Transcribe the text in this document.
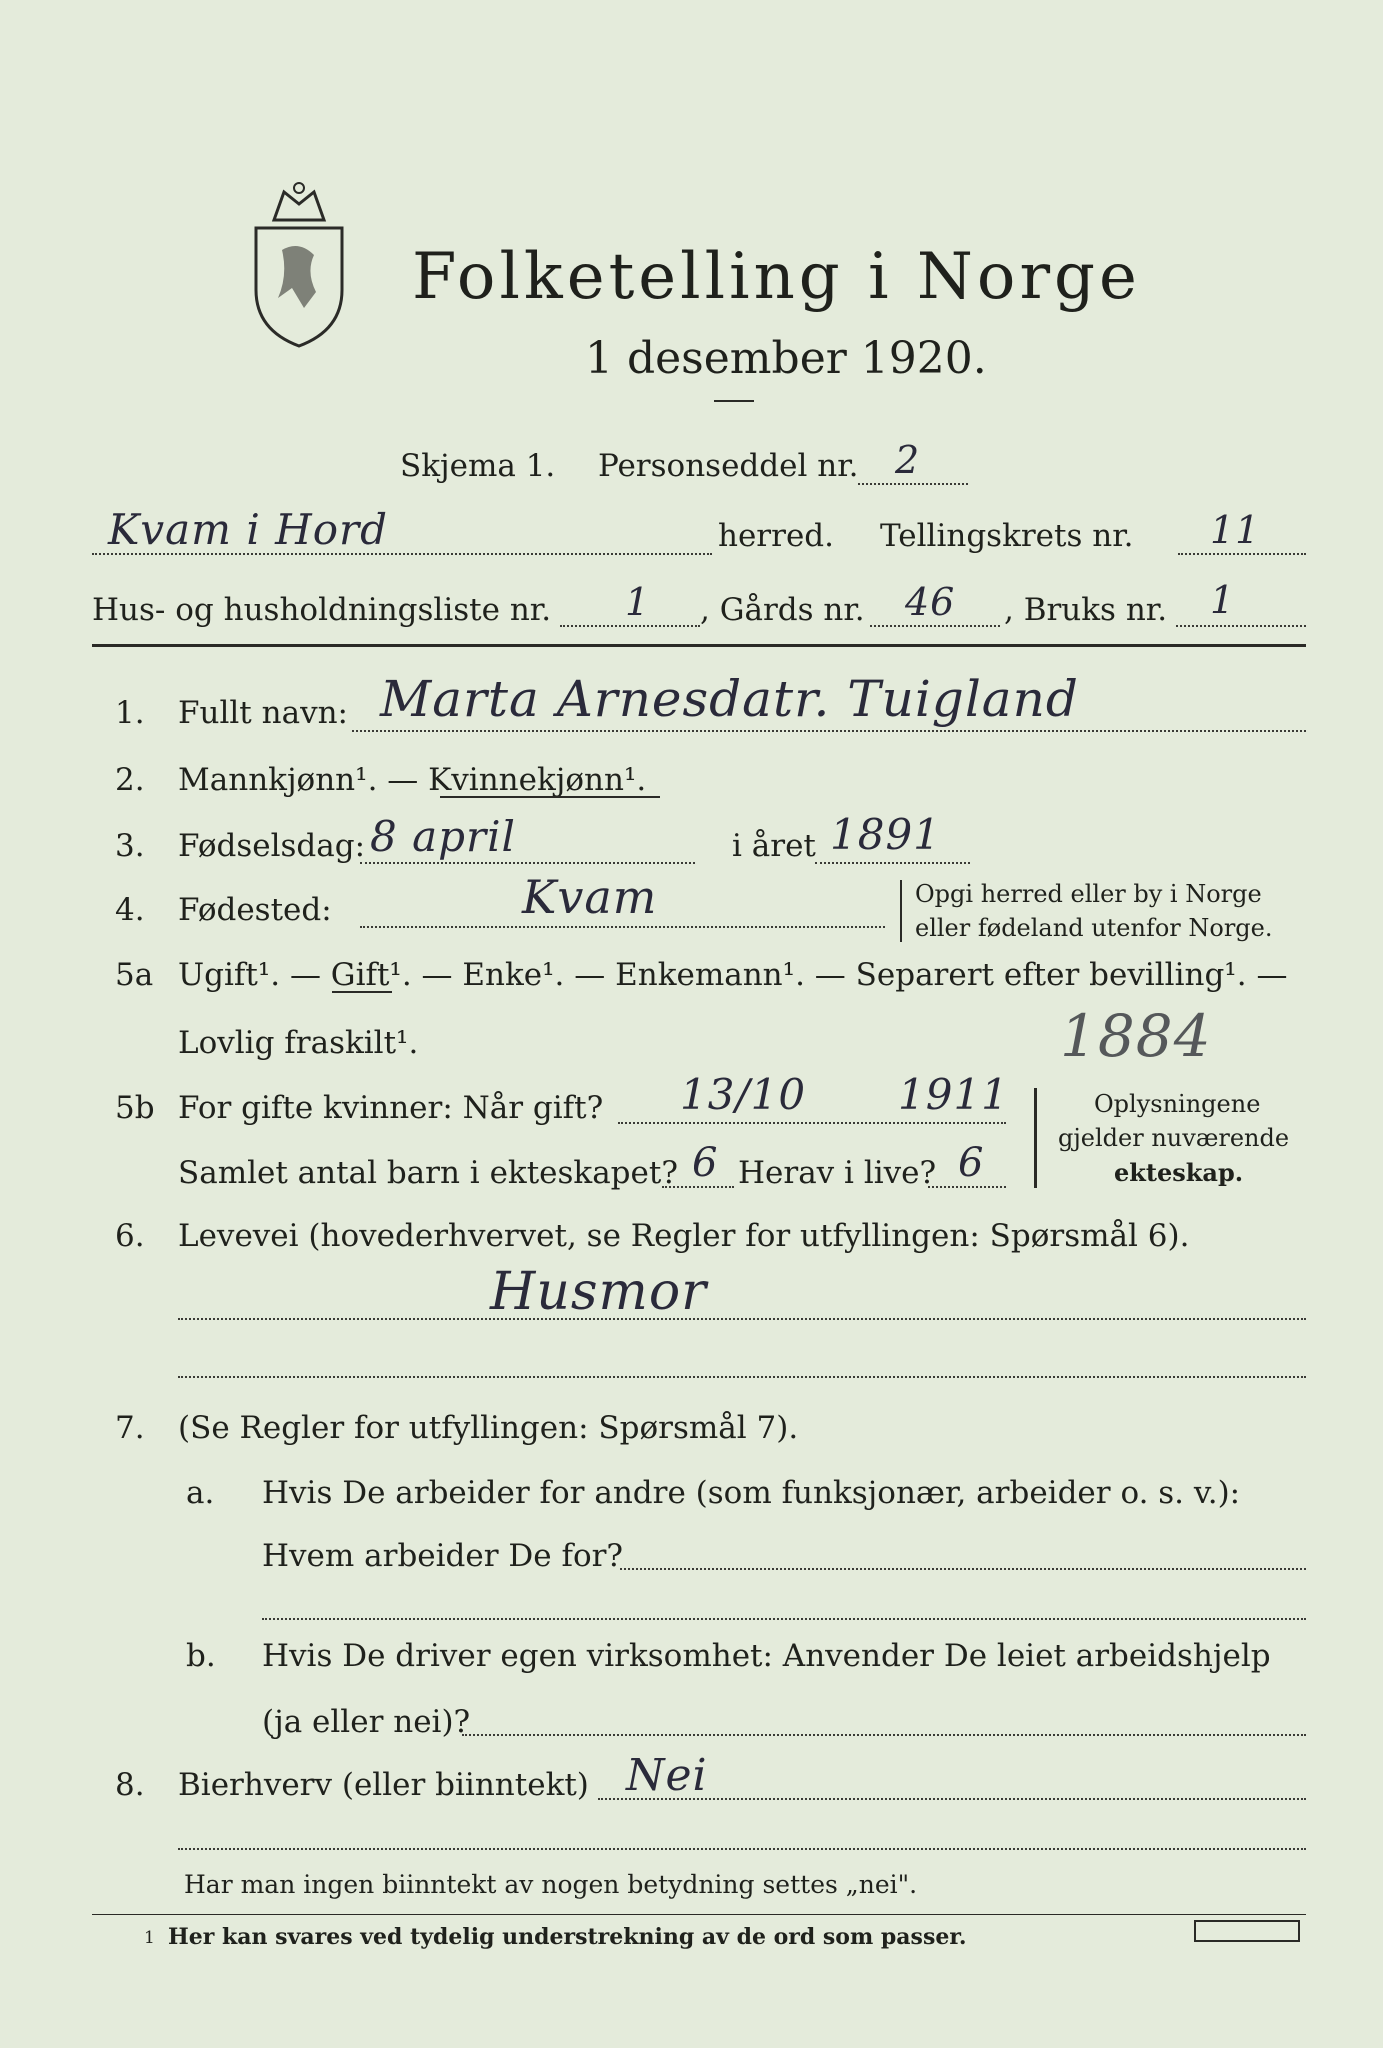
Folketelling i Norge
1 desember 1920.
Skjema 1. Personseddel nr. 2
Kvam i Hord	herred. Tellingskrets nr. 11
Hus- og husholdningsliste nr. 1 , Gårds nr. 46 , Bruks nr. 1
1. Fullt navn: Marta Arnesdatr. Tuigland
2. Mannkjønn¹. — Kvinnekjønn¹.
3. Fødselsdag: 8 april	i året 1891
4. Fødested:	Kvam	Opgi herred eller by i Norge
eller fødeland utenfor Norge.
5a Ugift¹. — Gift¹. — Enke¹. — Enkemann¹. — Separert efter bevilling¹. —
Lovlig fraskilt¹.	1884
5b For gifte kvinner: Når gift? 13/10 1911
Samlet antal barn i ekteskapet? 6 Herav i live? 6
Oplysningene
gjelder nuværende
ekteskap.
6. Levevei (hovederhvervet, se Regler for utfyllingen: Spørsmål 6).
Husmor
7. (Se Regler for utfyllingen: Spørsmål 7).
a. Hvis De arbeider for andre (som funksjonær, arbeider o. s. v.):
Hvem arbeider De for?
b. Hvis De driver egen virksomhet: Anvender De leiet arbeidshjelp
(ja eller nei)?
8. Bierhverv (eller biinntekt) Nei
Har man ingen biinntekt av nogen betydning settes „nei".
1 Her kan svares ved tydelig understrekning av de ord som passer.
